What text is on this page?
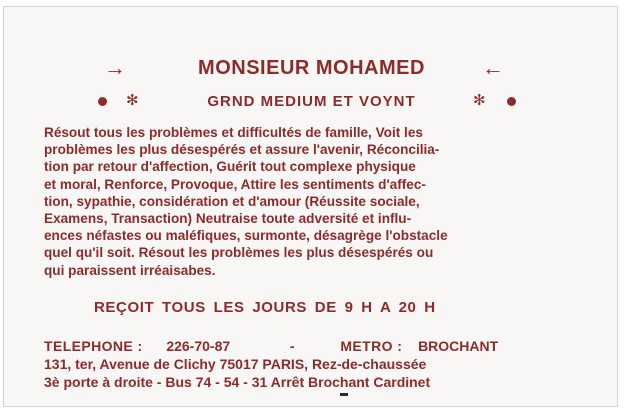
→	MONSIEUR MOHAMED	←
✻	GRND MEDIUM ET VOYNT	✻
Résout tous les problèmes et difficultés de famille, Voit les
problèmes les plus désespérés et assure l'avenir, Réconcilia-
tion par retour d'affection, Guérit tout complexe physique
et moral, Renforce, Provoque, Attire les sentiments d'affec-
tion, sypathie, considération et d'amour (Réussite sociale,
Examens, Transaction) Neutraise toute adversité et influ-
ences néfastes ou maléfiques, surmonte, désagrège l'obstacle
quel qu'il soit. Résout les problèmes les plus désespérés ou
qui paraissent irréaisabes.
REÇOIT TOUS LES JOURS DE 9 H A 20 H
TELEPHONE : 226-70-87	-	METRO : BROCHANT
131, ter, Avenue de Clichy 75017 PARIS, Rez-de-chaussée
3è porte à droite - Bus 74 - 54 - 31 Arrêt Brochant Cardinet
